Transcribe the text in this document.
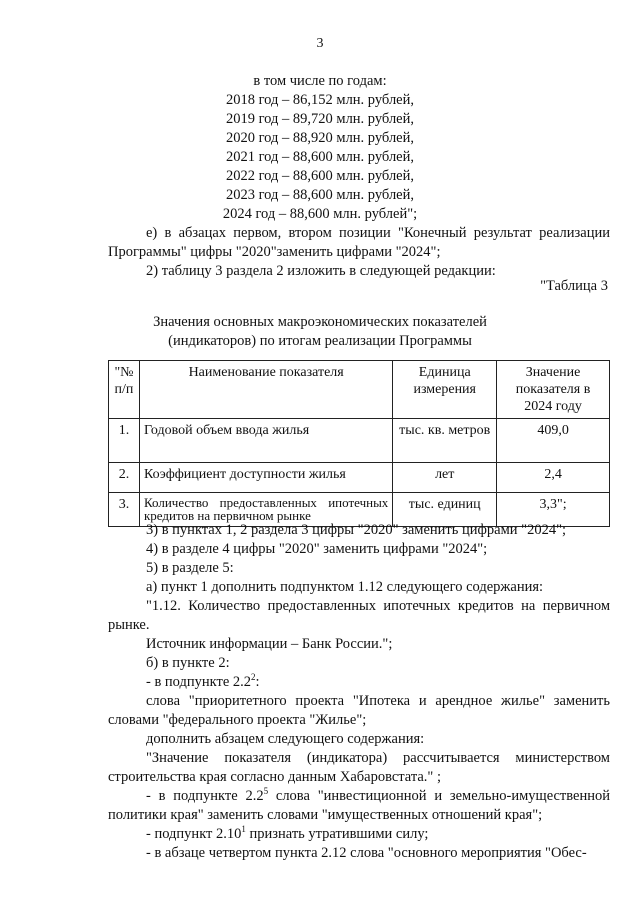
3
в том числе по годам:
2018 год – 86,152 млн. рублей,
2019 год – 89,720 млн. рублей,
2020 год – 88,920 млн. рублей,
2021 год – 88,600 млн. рублей,
2022 год – 88,600 млн. рублей,
2023 год – 88,600 млн. рублей,
2024 год – 88,600 млн. рублей";
е) в абзацах первом, втором позиции "Конечный результат реализации Программы" цифры "2020"заменить цифрами "2024";
2) таблицу 3 раздела 2 изложить в следующей редакции:
"Таблица 3
Значения основных макроэкономических показателей
(индикаторов) по итогам реализации Программы
"№ п/п	Наименование показателя	Единица измерения	Значение показателя в 2024 году
1.	Годовой объем ввода жилья	тыс. кв. метров	409,0
2.	Коэффициент доступности жилья	лет	2,4
3.	Количество предоставленных ипотечных кредитов на первичном рынке	тыс. единиц	3,3";
3) в пунктах 1, 2 раздела 3 цифры "2020" заменить цифрами "2024";
4) в разделе 4 цифры "2020" заменить цифрами "2024";
5) в разделе 5:
а) пункт 1 дополнить подпунктом 1.12 следующего содержания:
"1.12. Количество предоставленных ипотечных кредитов на первичном рынке.
Источник информации – Банк России.";
б) в пункте 2:
- в подпункте $2.2^2$:
слова "приоритетного проекта "Ипотека и арендное жилье" заменить словами "федерального проекта "Жилье";
дополнить абзацем следующего содержания:
"Значение показателя (индикатора) рассчитывается министерством строительства края согласно данным Хабаровстата." ;
- в подпункте $2.2^5$ слова "инвестиционной и земельно-имущественной политики края" заменить словами "имущественных отношений края";
- подпункт 2.10$^1$ признать утратившими силу;
- в абзаце четвертом пункта 2.12 слова "основного мероприятия "Обес-
